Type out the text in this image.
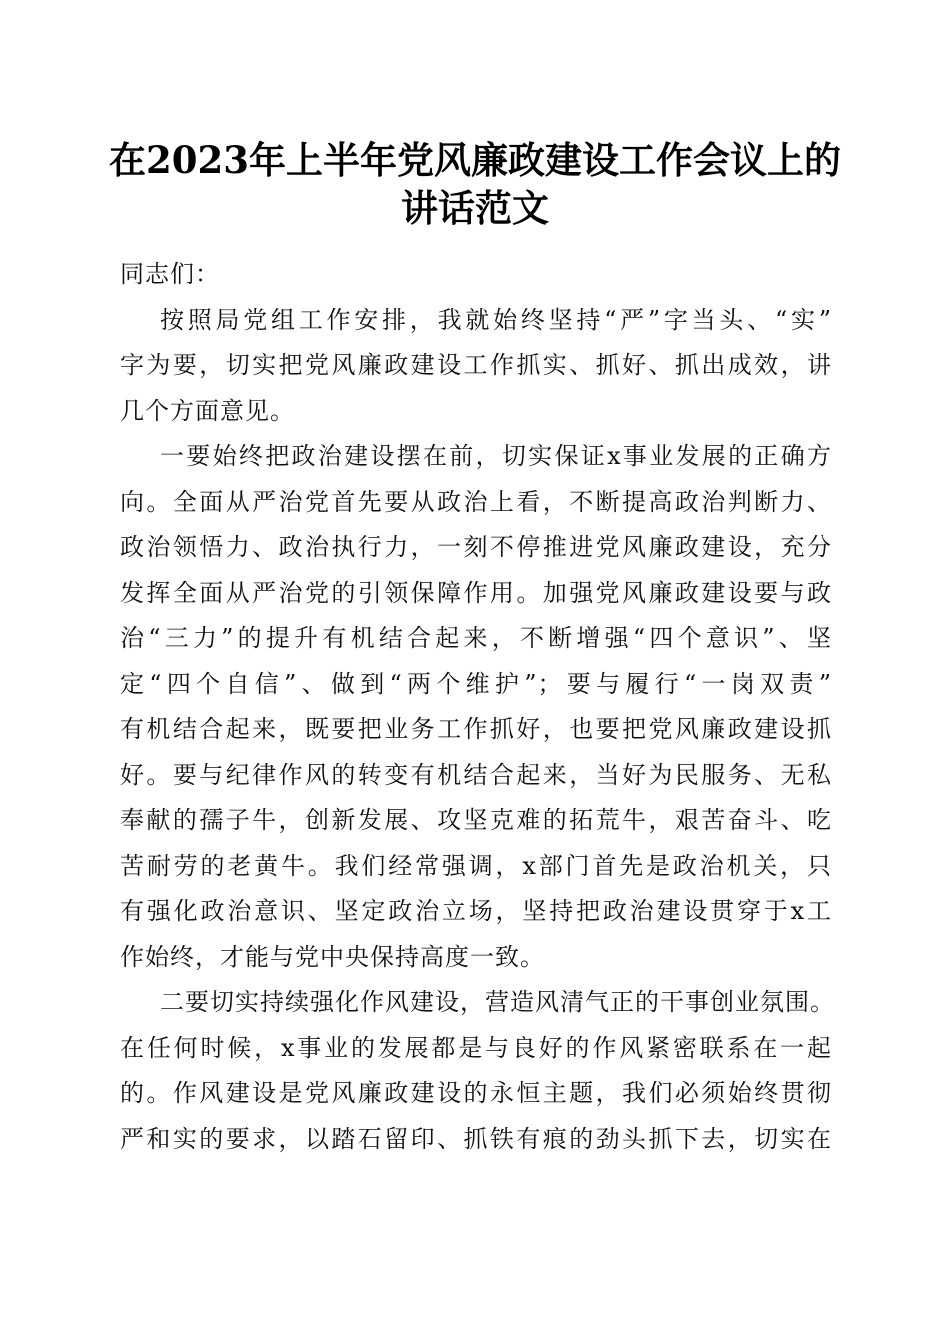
在2023年上半年党风廉政建设工作会议上的
讲话范文
同志们：
按照局党组工作安排，我就始终坚持“严”字当头、“实”
字为要，切实把党风廉政建设工作抓实、抓好、抓出成效，讲
几个方面意见。
一要始终把政治建设摆在前，切实保证x事业发展的正确方
向。全面从严治党首先要从政治上看，不断提高政治判断力、
政治领悟力、政治执行力，一刻不停推进党风廉政建设，充分
发挥全面从严治党的引领保障作用。加强党风廉政建设要与政
治“三力”的提升有机结合起来，不断增强“四个意识”、坚
定“四个自信”、做到“两个维护”；要与履行“一岗双责”
有机结合起来，既要把业务工作抓好，也要把党风廉政建设抓
好。要与纪律作风的转变有机结合起来，当好为民服务、无私
奉献的孺子牛，创新发展、攻坚克难的拓荒牛，艰苦奋斗、吃
苦耐劳的老黄牛。我们经常强调，x部门首先是政治机关，只
有强化政治意识、坚定政治立场，坚持把政治建设贯穿于x工
作始终，才能与党中央保持高度一致。
二要切实持续强化作风建设，营造风清气正的干事创业氛围。
在任何时候，x事业的发展都是与良好的作风紧密联系在一起
的。作风建设是党风廉政建设的永恒主题，我们必须始终贯彻
严和实的要求，以踏石留印、抓铁有痕的劲头抓下去，切实在
